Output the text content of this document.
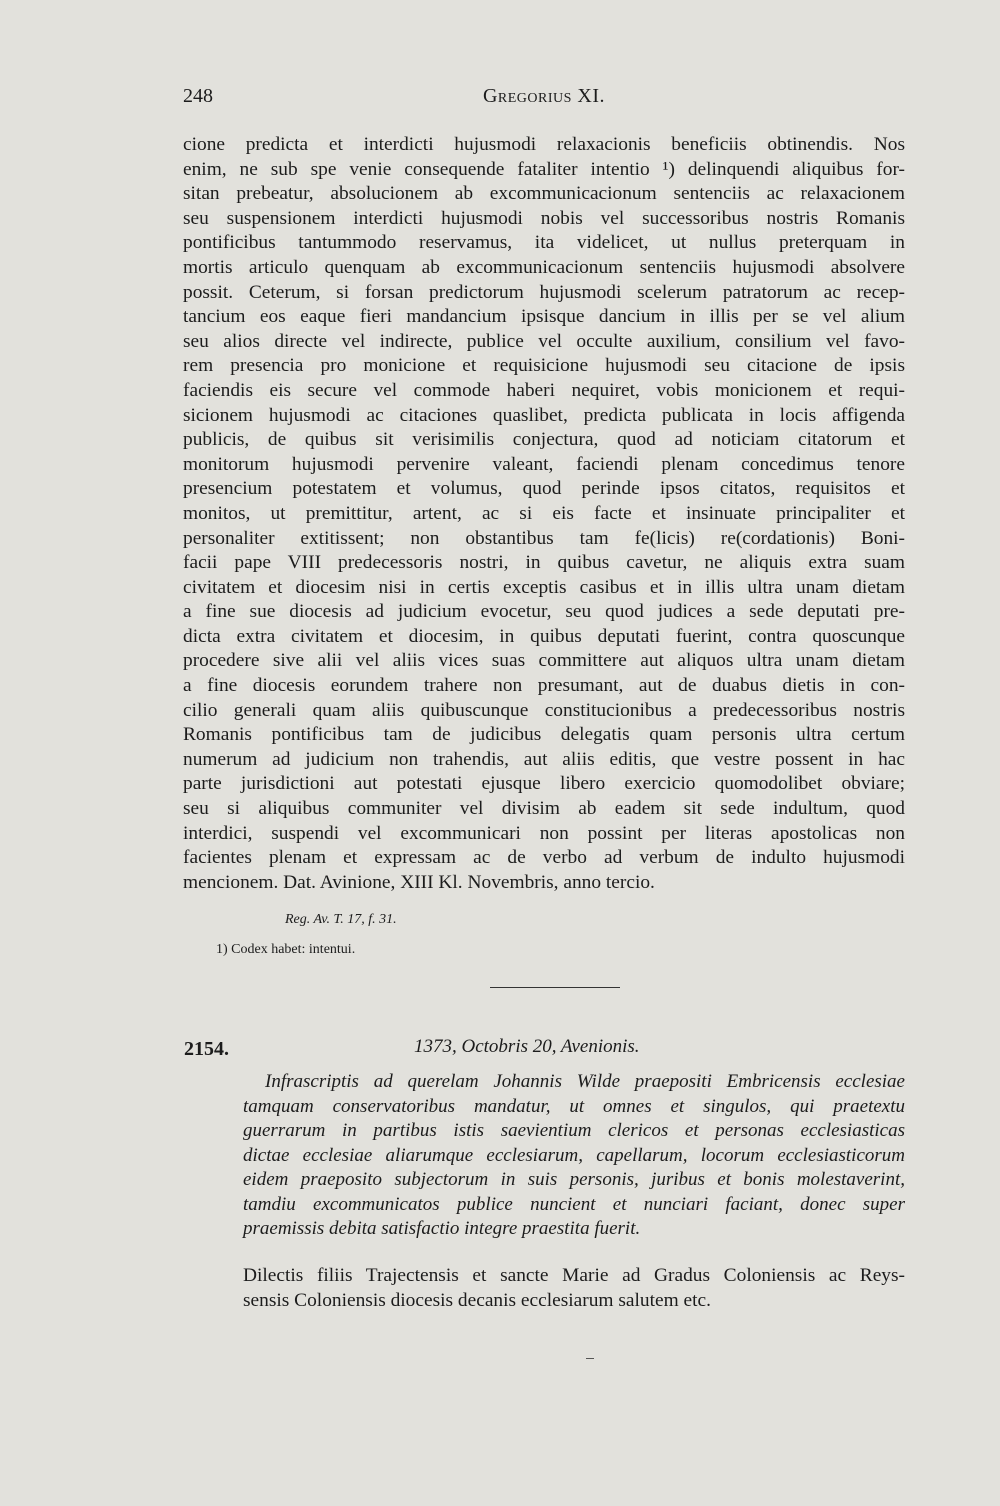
248	Gregorius XI.
cione predicta et interdicti hujusmodi relaxacionis beneficiis obtinendis. Nos
enim, ne sub spe venie consequende fataliter intentio ¹) delinquendi aliquibus for-
sitan prebeatur, absolucionem ab excommunicacionum sentenciis ac relaxacionem
seu suspensionem interdicti hujusmodi nobis vel successoribus nostris Romanis
pontificibus tantummodo reservamus, ita videlicet, ut nullus preterquam in
mortis articulo quenquam ab excommunicacionum sentenciis hujusmodi absolvere
possit. Ceterum, si forsan predictorum hujusmodi scelerum patratorum ac recep-
tancium eos eaque fieri mandancium ipsisque dancium in illis per se vel alium
seu alios directe vel indirecte, publice vel occulte auxilium, consilium vel favo-
rem presencia pro monicione et requisicione hujusmodi seu citacione de ipsis
faciendis eis secure vel commode haberi nequiret, vobis monicionem et requi-
sicionem hujusmodi ac citaciones quaslibet, predicta publicata in locis affigenda
publicis, de quibus sit verisimilis conjectura, quod ad noticiam citatorum et
monitorum hujusmodi pervenire valeant, faciendi plenam concedimus tenore
presencium potestatem et volumus, quod perinde ipsos citatos, requisitos et
monitos, ut premittitur, artent, ac si eis facte et insinuate principaliter et
personaliter extitissent; non obstantibus tam fe(licis) re(cordationis) Boni-
facii pape VIII predecessoris nostri, in quibus cavetur, ne aliquis extra suam
civitatem et diocesim nisi in certis exceptis casibus et in illis ultra unam dietam
a fine sue diocesis ad judicium evocetur, seu quod judices a sede deputati pre-
dicta extra civitatem et diocesim, in quibus deputati fuerint, contra quoscunque
procedere sive alii vel aliis vices suas committere aut aliquos ultra unam dietam
a fine diocesis eorundem trahere non presumant, aut de duabus dietis in con-
cilio generali quam aliis quibuscunque constitucionibus a predecessoribus nostris
Romanis pontificibus tam de judicibus delegatis quam personis ultra certum
numerum ad judicium non trahendis, aut aliis editis, que vestre possent in hac
parte jurisdictioni aut potestati ejusque libero exercicio quomodolibet obviare;
seu si aliquibus communiter vel divisim ab eadem sit sede indultum, quod
interdici, suspendi vel excommunicari non possint per literas apostolicas non
facientes plenam et expressam ac de verbo ad verbum de indulto hujusmodi
mencionem. Dat. Avinione, XIII Kl. Novembris, anno tercio.
Reg. Av. T. 17, f. 31.
1) Codex habet: intentui.
2154.	1373, Octobris 20, Avenionis.
Infrascriptis ad querelam Johannis Wilde praepositi Embricensis ecclesiae
tamquam conservatoribus mandatur, ut omnes et singulos, qui praetextu
guerrarum in partibus istis saevientium clericos et personas ecclesiasticas
dictae ecclesiae aliarumque ecclesiarum, capellarum, locorum ecclesiasticorum
eidem praeposito subjectorum in suis personis, juribus et bonis molestaverint,
tamdiu excommunicatos publice nuncient et nunciari faciant, donec super
praemissis debita satisfactio integre praestita fuerit.
Dilectis filiis Trajectensis et sancte Marie ad Gradus Coloniensis ac Reys-
sensis Coloniensis diocesis decanis ecclesiarum salutem etc.
